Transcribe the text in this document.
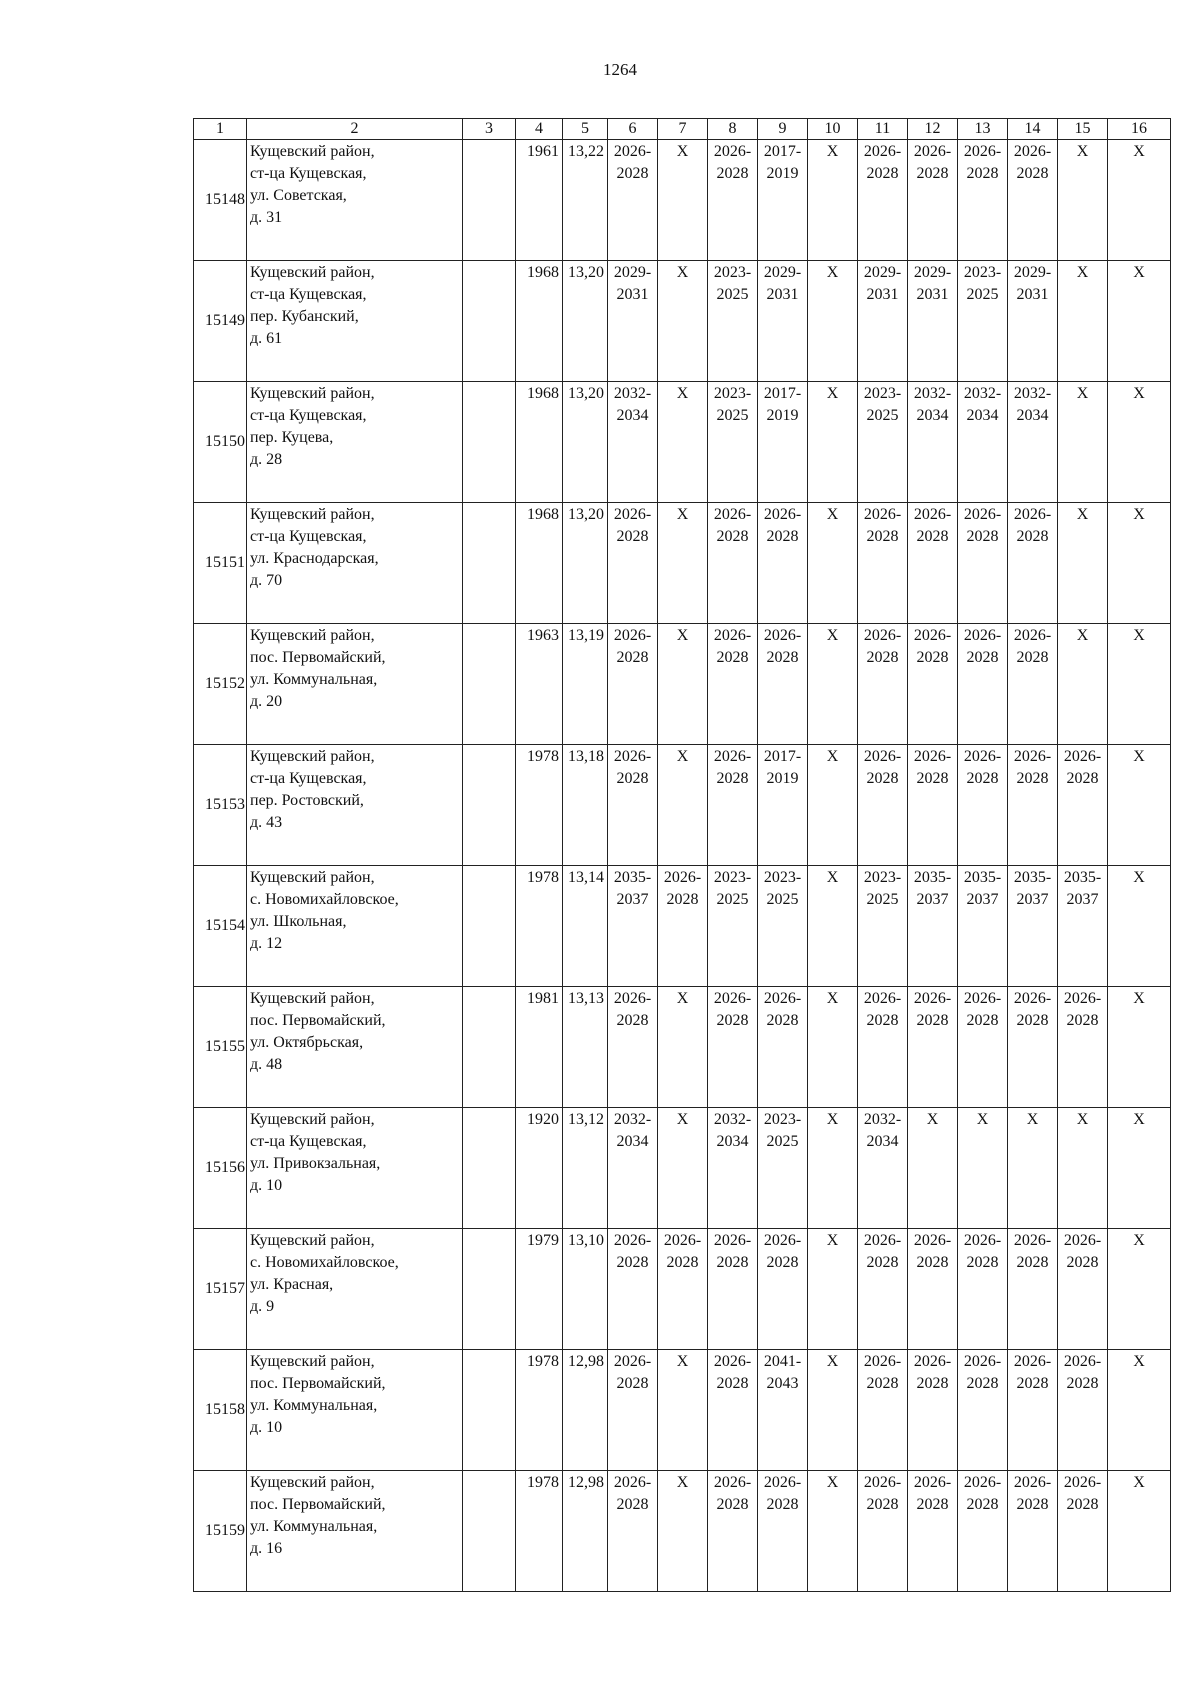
1264
1	2	3	4	5	6	7	8	9	10	11	12	13	14	15	16
15148	Кущевский район,
ст-ца Кущевская,
ул. Советская,
д. 31		1961	13,22	2026-
2028	Х	2026-
2028	2017-
2019	Х	2026-
2028	2026-
2028	2026-
2028	2026-
2028	Х	Х

15149	Кущевский район,
ст-ца Кущевская,
пер. Кубанский,
д. 61		1968	13,20	2029-
2031	Х	2023-
2025	2029-
2031	Х	2029-
2031	2029-
2031	2023-
2025	2029-
2031	Х	Х

15150	Кущевский район,
ст-ца Кущевская,
пер. Куцева,
д. 28		1968	13,20	2032-
2034	Х	2023-
2025	2017-
2019	Х	2023-
2025	2032-
2034	2032-
2034	2032-
2034	Х	Х

15151	Кущевский район,
ст-ца Кущевская,
ул. Краснодарская,
д. 70		1968	13,20	2026-
2028	Х	2026-
2028	2026-
2028	Х	2026-
2028	2026-
2028	2026-
2028	2026-
2028	Х	Х

15152	Кущевский район,
пос. Первомайский,
ул. Коммунальная,
д. 20		1963	13,19	2026-
2028	Х	2026-
2028	2026-
2028	Х	2026-
2028	2026-
2028	2026-
2028	2026-
2028	Х	Х

15153	Кущевский район,
ст-ца Кущевская,
пер. Ростовский,
д. 43		1978	13,18	2026-
2028	Х	2026-
2028	2017-
2019	Х	2026-
2028	2026-
2028	2026-
2028	2026-
2028	2026-
2028	Х

15154	Кущевский район,
с. Новомихайловское,
ул. Школьная,
д. 12		1978	13,14	2035-
2037	2026-
2028	2023-
2025	2023-
2025	Х	2023-
2025	2035-
2037	2035-
2037	2035-
2037	2035-
2037	Х

15155	Кущевский район,
пос. Первомайский,
ул. Октябрьская,
д. 48		1981	13,13	2026-
2028	Х	2026-
2028	2026-
2028	Х	2026-
2028	2026-
2028	2026-
2028	2026-
2028	2026-
2028	Х

15156	Кущевский район,
ст-ца Кущевская,
ул. Привокзальная,
д. 10		1920	13,12	2032-
2034	Х	2032-
2034	2023-
2025	Х	2032-
2034	Х	Х	Х	Х	Х

15157	Кущевский район,
с. Новомихайловское,
ул. Красная,
д. 9		1979	13,10	2026-
2028	2026-
2028	2026-
2028	2026-
2028	Х	2026-
2028	2026-
2028	2026-
2028	2026-
2028	2026-
2028	Х

15158	Кущевский район,
пос. Первомайский,
ул. Коммунальная,
д. 10		1978	12,98	2026-
2028	Х	2026-
2028	2041-
2043	Х	2026-
2028	2026-
2028	2026-
2028	2026-
2028	2026-
2028	Х

15159	Кущевский район,
пос. Первомайский,
ул. Коммунальная,
д. 16		1978	12,98	2026-
2028	Х	2026-
2028	2026-
2028	Х	2026-
2028	2026-
2028	2026-
2028	2026-
2028	2026-
2028	Х
